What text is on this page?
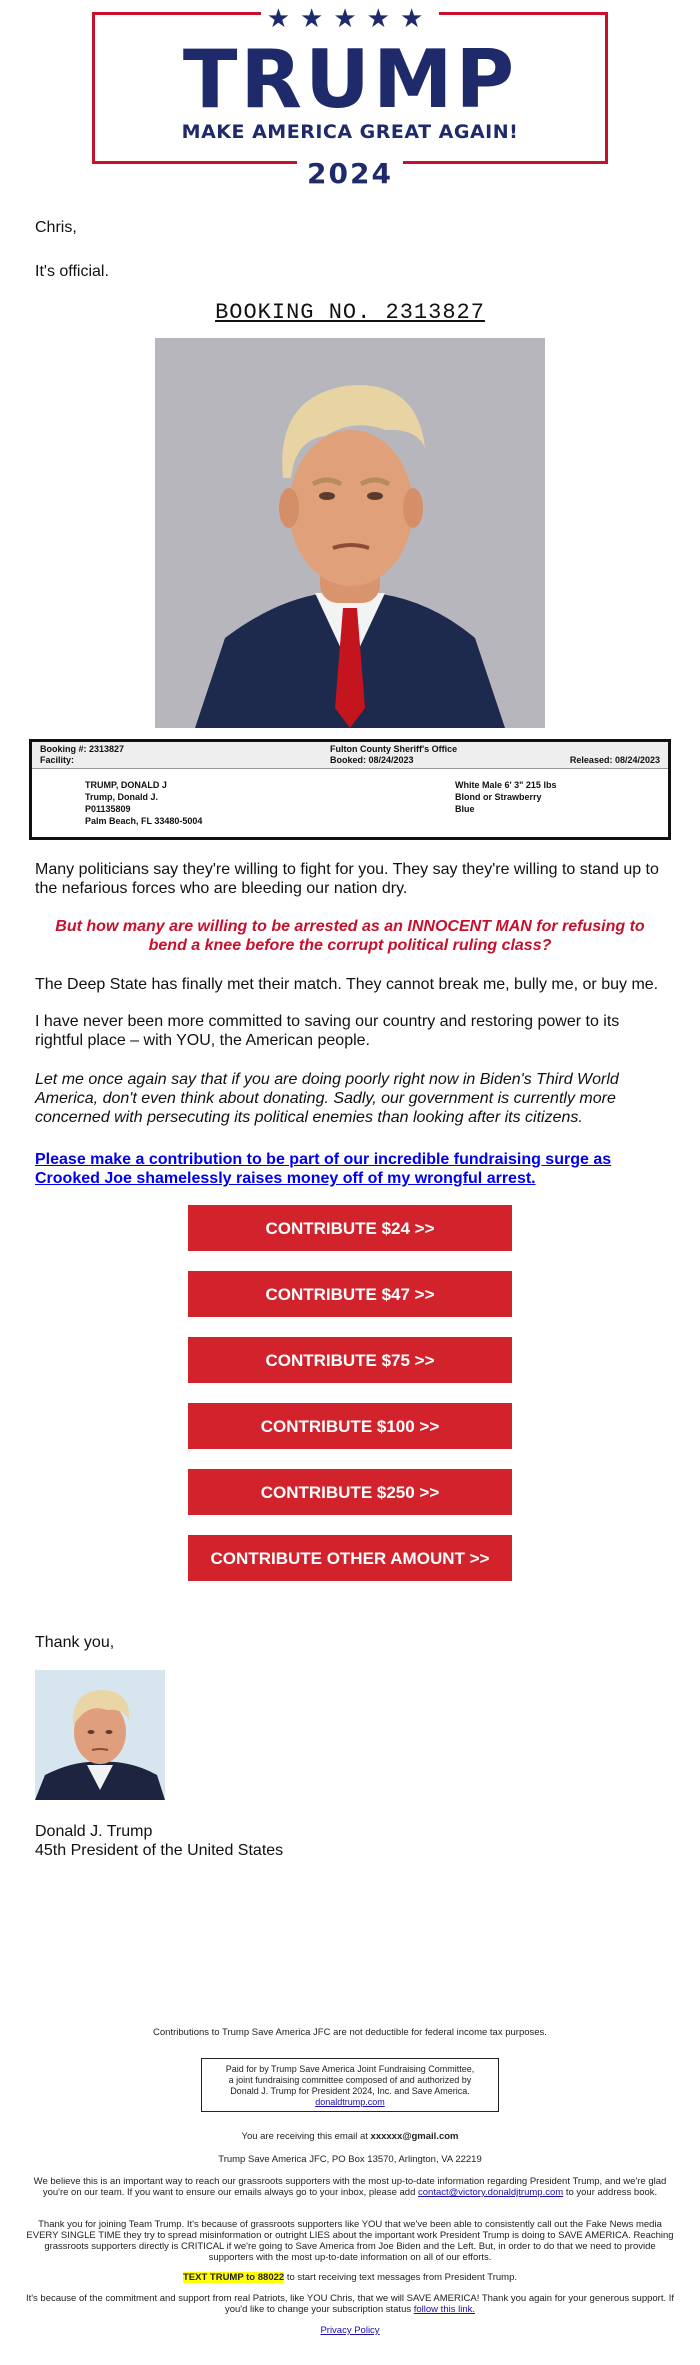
★★★★★
TRUMP
MAKE AMERICA GREAT AGAIN!
2024
Chris,
It's official.
BOOKING NO. 2313827
Booking #: 2313827
Facility:
Fulton County Sheriff's Office
Booked: 08/24/2023	Released: 08/24/2023
TRUMP, DONALD J
Trump, Donald J.
P01135809
Palm Beach, FL 33480-5004
White Male 6' 3" 215 lbs
Blond or Strawberry
Blue
Many politicians say they're willing to fight for you. They say they're willing to stand up to the nefarious forces who are bleeding our nation dry.
But how many are willing to be arrested as an INNOCENT MAN for refusing to bend a knee before the corrupt political ruling class?
The Deep State has finally met their match. They cannot break me, bully me, or buy me.
I have never been more committed to saving our country and restoring power to its rightful place – with YOU, the American people.
Let me once again say that if you are doing poorly right now in Biden's Third World America, don't even think about donating. Sadly, our government is currently more concerned with persecuting its political enemies than looking after its citizens.
Please make a contribution to be part of our incredible fundraising surge as Crooked Joe shamelessly raises money off of my wrongful arrest.
CONTRIBUTE $24 >>
CONTRIBUTE $47 >>
CONTRIBUTE $75 >>
CONTRIBUTE $100 >>
CONTRIBUTE $250 >>
CONTRIBUTE OTHER AMOUNT >>
Thank you,
Donald J. Trump
45th President of the United States
Contributions to Trump Save America JFC are not deductible for federal income tax purposes.
Paid for by Trump Save America Joint Fundraising Committee,
a joint fundraising committee composed of and authorized by
Donald J. Trump for President 2024, Inc. and Save America.
donaldtrump.com
You are receiving this email at xxxxxx@gmail.com
Trump Save America JFC, PO Box 13570, Arlington, VA 22219
We believe this is an important way to reach our grassroots supporters with the most up-to-date information regarding President Trump, and we're glad you're on our team. If you want to ensure our emails always go to your inbox, please add contact@victory.donaldjtrump.com to your address book.
Thank you for joining Team Trump. It's because of grassroots supporters like YOU that we've been able to consistently call out the Fake News media EVERY SINGLE TIME they try to spread misinformation or outright LIES about the important work President Trump is doing to SAVE AMERICA. Reaching grassroots supporters directly is CRITICAL if we're going to Save America from Joe Biden and the Left. But, in order to do that we need to provide supporters with the most up-to-date information on all of our efforts.
TEXT TRUMP to 88022 to start receiving text messages from President Trump.
It's because of the commitment and support from real Patriots, like YOU Chris, that we will SAVE AMERICA! Thank you again for your generous support. If you'd like to change your subscription status follow this link.
Privacy Policy
